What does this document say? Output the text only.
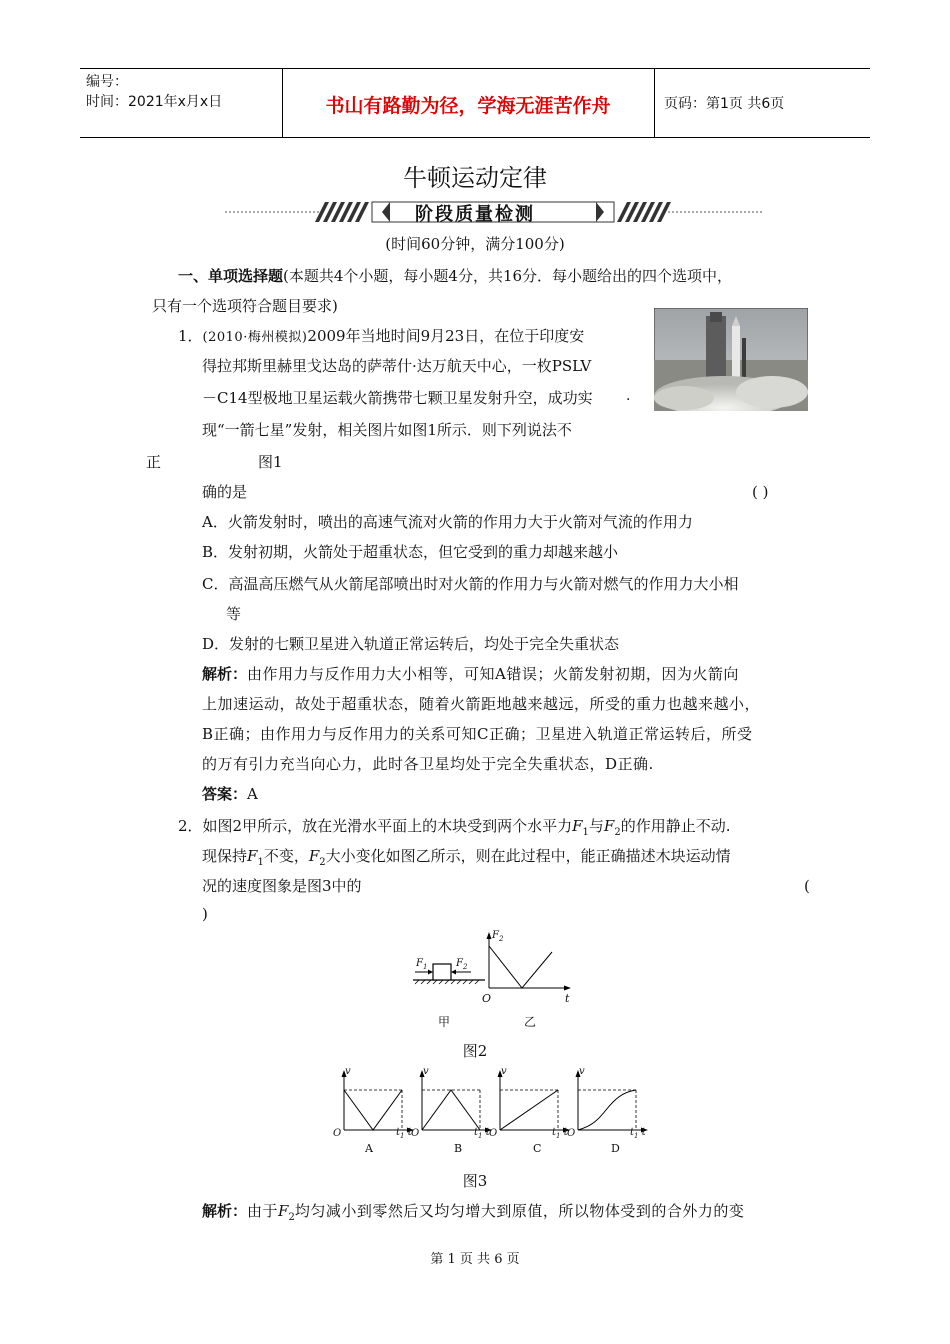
编号：
时间：2021年x月x日	书山有路勤为径，学海无涯苦作舟	页码：第1页 共6页
牛顿运动定律
阶段质量检测
(时间60分钟，满分100分)
一、单项选择题(本题共4个小题，每小题4分，共16分．每小题给出的四个选项中，
只有一个选项符合题目要求)
1．(2010·梅州模拟)2009年当地时间9月23日，在位于印度安
得拉邦斯里赫里戈达岛的萨蒂什·达万航天中心，一枚PSLV
－C14型极地卫星运载火箭携带七颗卫星发射升空，成功实
现“一箭七星”发射，相关图片如图1所示．则下列说法不
正	图1
确的是	( )
·
A．火箭发射时，喷出的高速气流对火箭的作用力大于火箭对气流的作用力
B．发射初期，火箭处于超重状态，但它受到的重力却越来越小
C．高温高压燃气从火箭尾部喷出时对火箭的作用力与火箭对燃气的作用力大小相
等
D．发射的七颗卫星进入轨道正常运转后，均处于完全失重状态
解析：由作用力与反作用力大小相等，可知A错误；火箭发射初期，因为火箭向
上加速运动，故处于超重状态，随着火箭距地越来越远，所受的重力也越来越小，
B正确；由作用力与反作用力的关系可知C正确；卫星进入轨道正常运转后，所受
的万有引力充当向心力，此时各卫星均处于完全失重状态，D正确.
答案：A
2．如图2甲所示，放在光滑水平面上的木块受到两个水平力$F_1$与$F_2$的作用静止不动.
现保持$F_1$不变，$F_2$大小变化如图乙所示，则在此过程中，能正确描述木块运动情
况的速度图象是图3中的	(
)
$F_1$	$F_2$
$F_2$
O	t
甲	乙
图2
v	v	v	v
O	O	O	O
$t_1$ t	$t_1$ t	$t_1$ t	$t_1$ t
A	B	C	D
图3
解析：由于$F_2$均匀减小到零然后又均匀增大到原值，所以物体受到的合外力的变
第 1 页 共 6 页
